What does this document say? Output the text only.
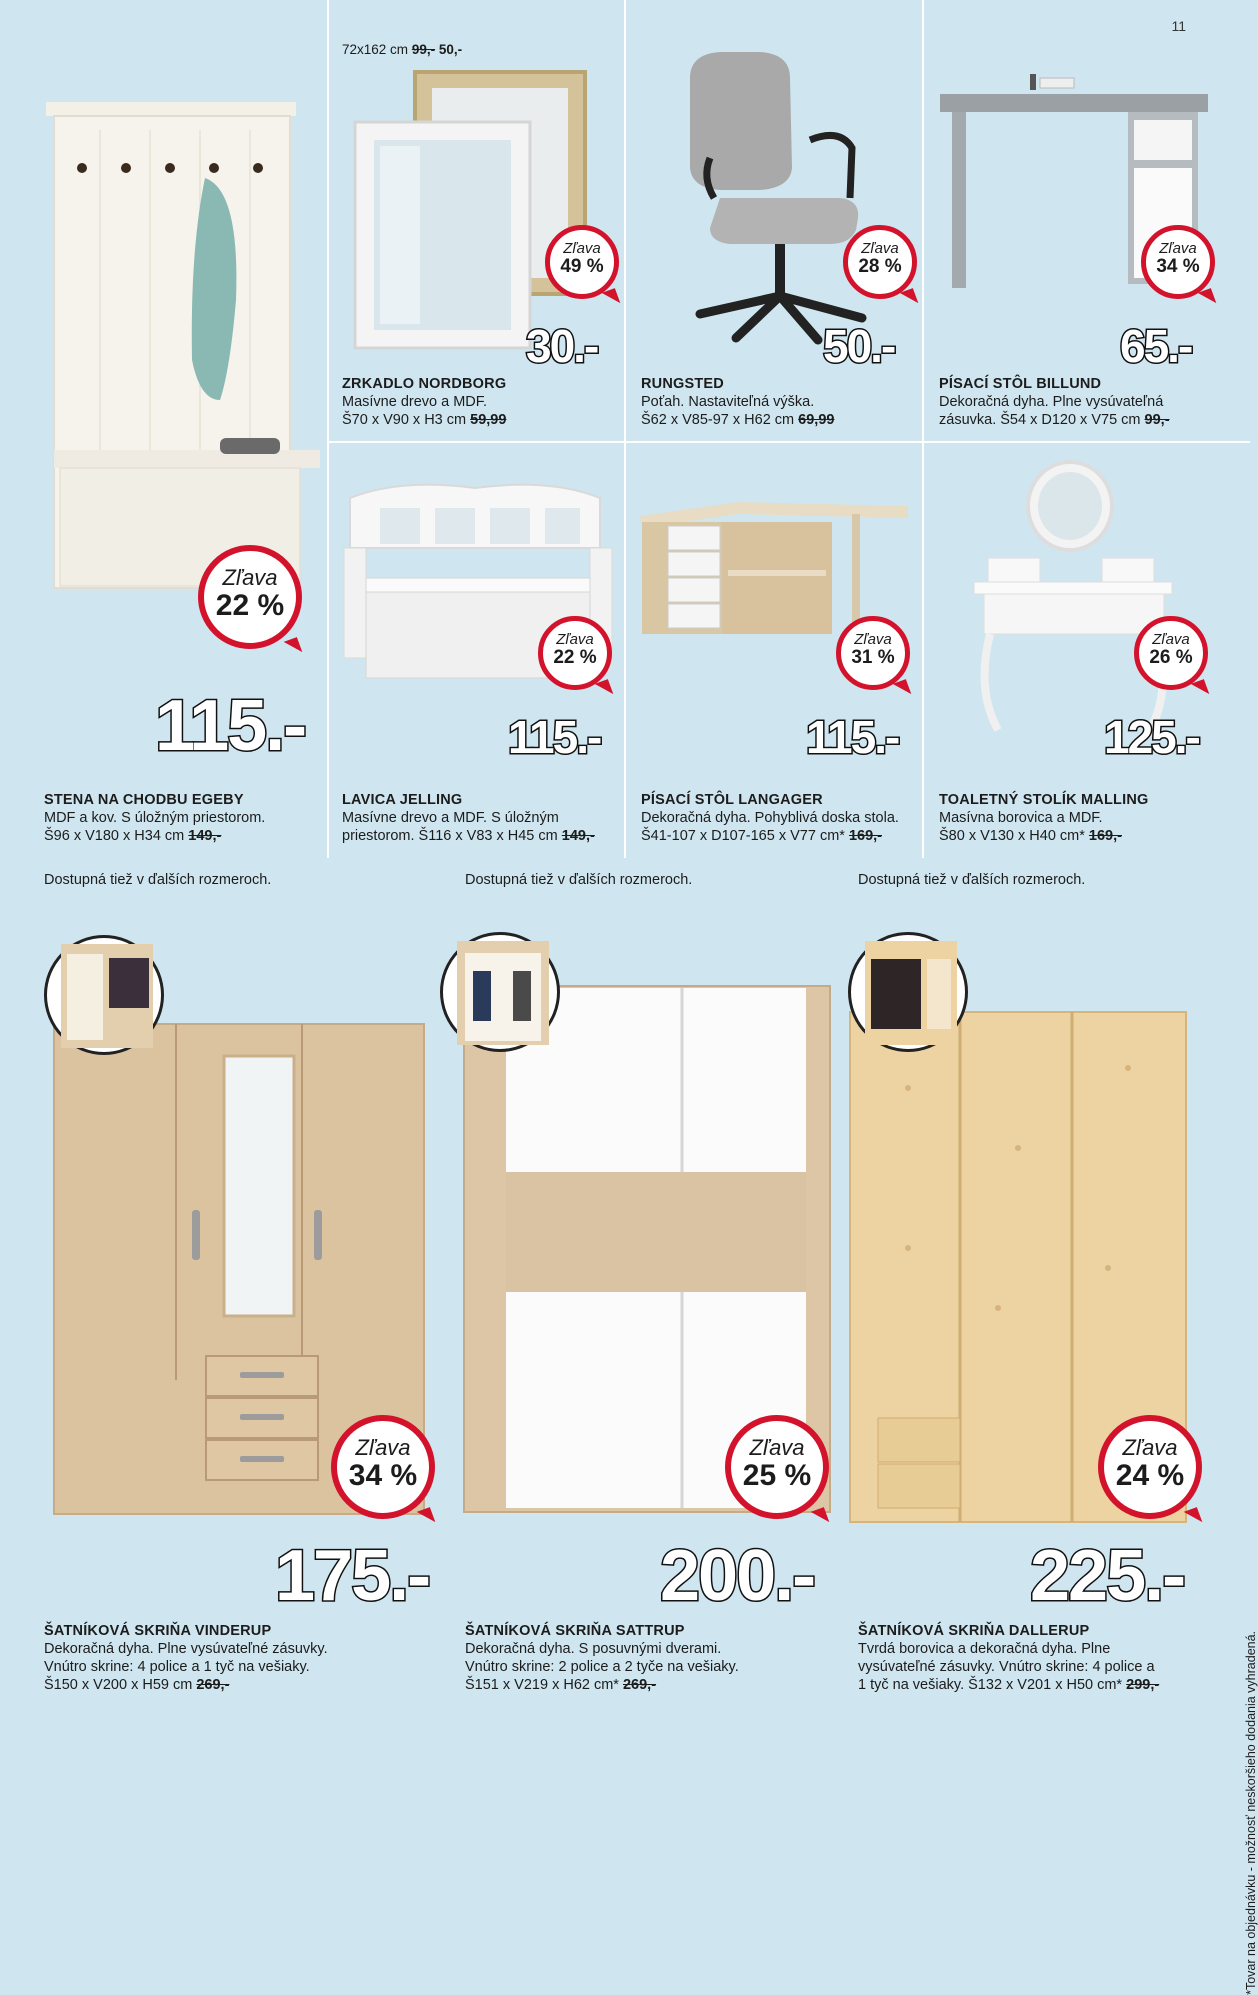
11
72x162 cm 99,- 50,-
Zľava
49 %
30.-
ZRKADLO NORDBORG
Masívne drevo a MDF.
Š70 x V90 x H3 cm 59,99
Zľava
28 %
50.-
RUNGSTED
Poťah. Nastaviteľná výška.
Š62 x V85-97 x H62 cm 69,99
Zľava
34 %
65.-
PÍSACÍ STÔL BILLUND
Dekoračná dyha. Plne vysúvateľná
zásuvka. Š54 x D120 x V75 cm 99,-
Zľava
22 %
115.-
STENA NA CHODBU EGEBY
MDF a kov. S úložným priestorom.
Š96 x V180 x H34 cm 149,-
Zľava
22 %
115.-
LAVICA JELLING
Masívne drevo a MDF. S úložným
priestorom. Š116 x V83 x H45 cm 149,-
Zľava
31 %
115.-
PÍSACÍ STÔL LANGAGER
Dekoračná dyha. Pohyblivá doska stola.
Š41-107 x D107-165 x V77 cm* 169,-
Zľava
26 %
125.-
TOALETNÝ STOLÍK MALLING
Masívna borovica a MDF.
Š80 x V130 x H40 cm* 169,-
Dostupná tiež v ďalších rozmeroch.	Dostupná tiež v ďalších rozmeroch.	Dostupná tiež v ďalších rozmeroch.
Zľava
34 %
175.-
ŠATNÍKOVÁ SKRIŇA VINDERUP
Dekoračná dyha. Plne vysúvateľné zásuvky.
Vnútro skrine: 4 police a 1 tyč na vešiaky.
Š150 x V200 x H59 cm 269,-
Zľava
25 %
200.-
ŠATNÍKOVÁ SKRIŇA SATTRUP
Dekoračná dyha. S posuvnými dverami.
Vnútro skrine: 2 police a 2 tyče na vešiaky.
Š151 x V219 x H62 cm* 269,-
Zľava
24 %
225.-
ŠATNÍKOVÁ SKRIŇA DALLERUP
Tvrdá borovica a dekoračná dyha. Plne
vysúvateľné zásuvky. Vnútro skrine: 4 police a
1 tyč na vešiaky. Š132 x V201 x H50 cm* 299,-	*Tovar na objednávku - možnosť neskoršieho dodania vyhradená.
